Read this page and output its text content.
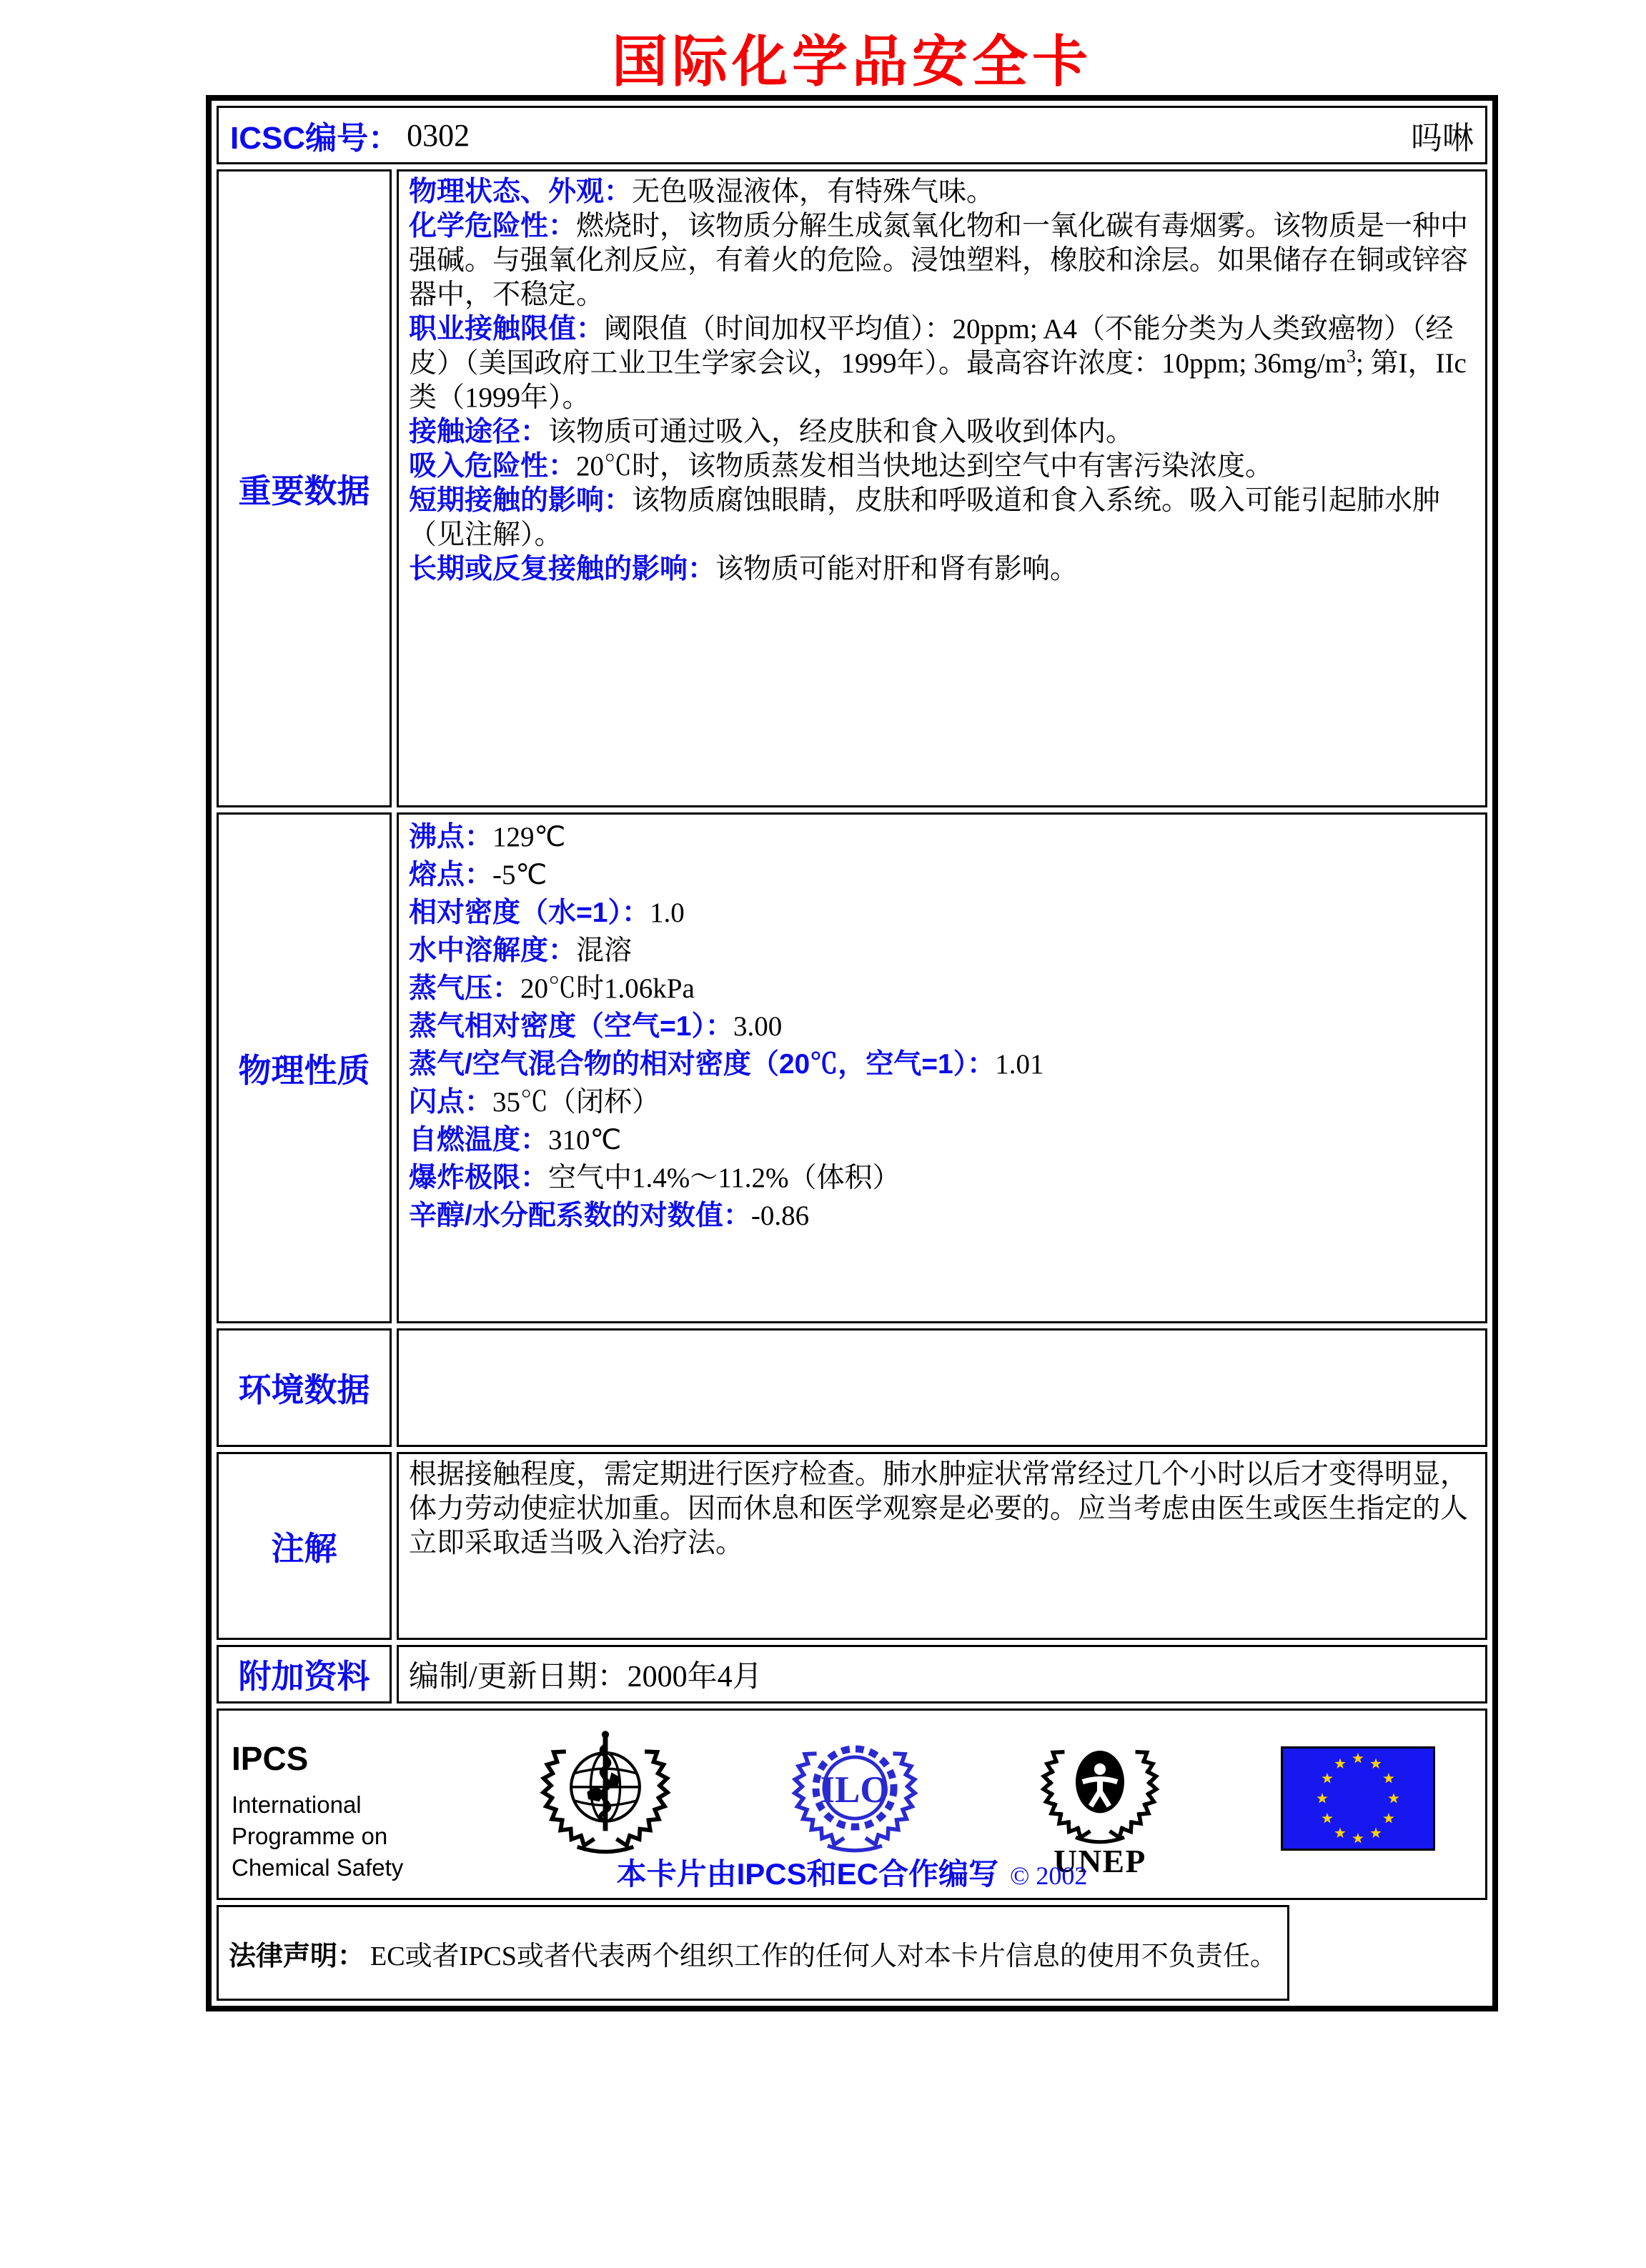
国际化学品安全卡
ICSC编号： 0302	吗啉
重要数据

物理状态、外观：无色吸湿液体，有特殊气味。

化学危险性：燃烧时，该物质分解生成氮氧化物和一氧化碳有毒烟雾。该物质是一种中强碱。与强氧化剂反应，有着火的危险。浸蚀塑料，橡胶和涂层。如果储存在铜或锌容器中，不稳定。

职业接触限值：阈限值（时间加权平均值）：20ppm; A4（不能分类为人类致癌物）（经皮）（美国政府工业卫生学家会议，1999年）。最高容许浓度：10ppm; $36mg/m^3$; 第I，IIc类（1999年）。

接触途径：该物质可通过吸入，经皮肤和食入吸收到体内。

吸入危险性：20℃时，该物质蒸发相当快地达到空气中有害污染浓度。

短期接触的影响：该物质腐蚀眼睛，皮肤和呼吸道和食入系统。吸入可能引起肺水肿（见注解）。

长期或反复接触的影响：该物质可能对肝和肾有影响。

物理性质

沸点：129℃

熔点：-5℃

相对密度（水=1）：1.0

水中溶解度：混溶

蒸气压：20℃时1.06kPa

蒸气相对密度（空气=1）：3.00

蒸气/空气混合物的相对密度（20℃，空气=1）：1.01

闪点：35℃（闭杯）

自燃温度：310℃

爆炸极限：空气中1.4%～11.2%（体积）

辛醇/水分配系数的对数值：-0.86

环境数据

注解

根据接触程度，需定期进行医疗检查。肺水肿症状常常经过几个小时以后才变得明显，体力劳动使症状加重。因而休息和医学观察是必要的。应当考虑由医生或医生指定的人立即采取适当吸入治疗法。

附加资料 编制/更新日期：2000年4月
IPCS
International
Programme on
Chemical Safety
ILO
UNEP
本卡片由IPCS和EC合作编写 © 2002
法律声明： EC或者IPCS或者代表两个组织工作的任何人对本卡片信息的使用不负责任。
